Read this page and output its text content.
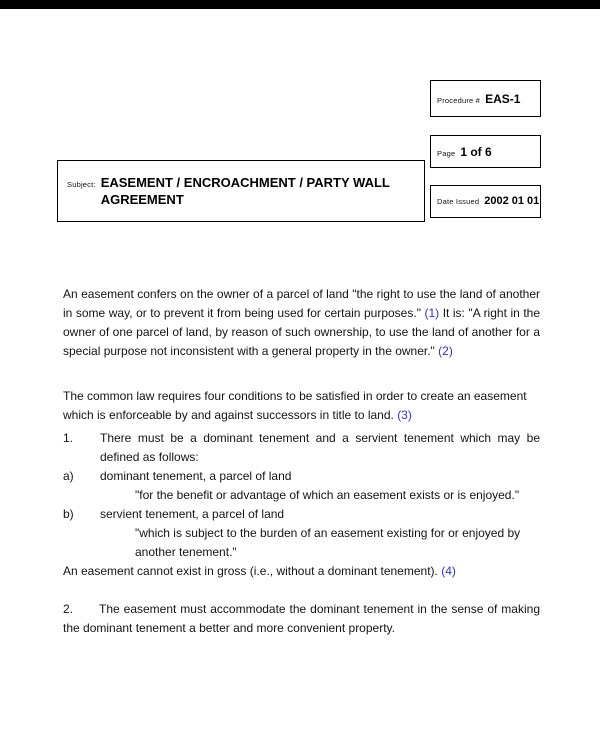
Procedure # EAS-1
Page 1 of 6
Date Issued 2002 01 01
Subject: EASEMENT / ENCROACHMENT / PARTY WALL AGREEMENT

An easement confers on the owner of a parcel of land "the right to use the land of another in some way, or to prevent it from being used for certain purposes." (1) It is: "A right in the owner of one parcel of land, by reason of such ownership, to use the land of another for a special purpose not inconsistent with a general property in the owner." (2)

The common law requires four conditions to be satisfied in order to create an easement which is enforceable by and against successors in title to land. (3)

1. There must be a dominant tenement and a servient tenement which may be defined as follows:
a) dominant tenement, a parcel of land
"for the benefit or advantage of which an easement exists or is enjoyed."
b) servient tenement, a parcel of land
"which is subject to the burden of an easement existing for or enjoyed by another tenement."
An easement cannot exist in gross (i.e., without a dominant tenement). (4)
2. The easement must accommodate the dominant tenement in the sense of making the dominant tenement a better and more convenient property.
